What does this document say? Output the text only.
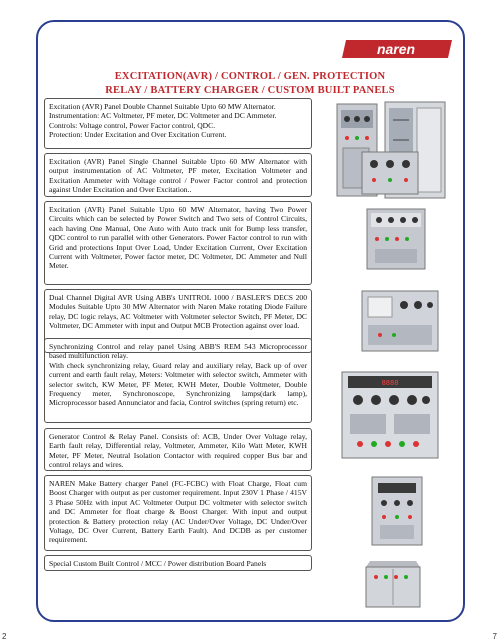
naren
EXCITATION(AVR) / CONTROL / GEN. PROTECTION
RELAY / BATTERY CHARGER / CUSTOM BUILT PANELS

Excitation (AVR) Panel Double Channel Suitable Upto 60 MW Alternator.

Instrumentation: AC Voltmeter, PF meter, DC Voltmeter and DC Ammeter.

Controls: Voltage control, Power Factor control, QDC.

Protection: Under Excitation and Over Excitation Current.

Excitation (AVR) Panel Single Channel Suitable Upto 60 MW Alternator with output instrumentation of AC Voltmeter, PF meter, Excitation Voltmeter and Excitation Ammeter with Voltage control / Power Factor control and protection against Under Excitation and Over Excitation..

Excitation (AVR) Panel Suitable Upto 60 MW Alternator, having Two Power Circuits which can be selected by Power Switch and Two sets of Control Circuits, each having One Manual, One Auto with Auto track unit for Bump less transfer, QDC control to run parallel with other Generators. Power Factor control to run with Grid and protections Input Over Load, Under Excitation Current, Over Excitation Current with Voltmeter, Power factor meter, DC Voltmeter, DC Ammeter and Null Meter.

Dual Channel Digital AVR Using ABB's UNITROL 1000 / BASLER'S DECS 200 Modules Suitable Upto 30 MW Alternator with Naren Make rotating Diode Failure relay, DC logic relays, AC Voltmeter with Voltmeter selector Switch, PF Meter, DC Voltmeter, DC Ammeter with input and Output MCB Protection against over load.

Synchronizing Control and relay panel Using ABB'S REM 543 Microprocessor based multifunction relay.

With check synchronizing relay, Guard relay and auxiliary relay, Back up of over current and earth fault relay, Meters: Voltmeter with selector switch, Ammeter with selector switch, KW Meter, PF Meter, KWH Meter, Double Voltmeter, Double Frequency meter, Synchronoscope, Synchronizing lamps(dark lamp), Microprocessor based Annunciator and facia, Control switches (spring return) etc.

8888

Generator Control & Relay Panel. Consists of: ACB, Under Over Voltage relay, Earth fault relay, Differential relay, Voltmeter, Ammeter, Kilo Watt Meter, KWH Meter, PF Meter, Neutral Isolation Contactor with required copper Bus bar and control relays and wires.

NAREN Make Battery charger Panel (FC-FCBC) with Float Charge, Float cum Boost Charger with output as per customer requirement. Input 230V 1 Phase / 415V 3 Phase 50Hz with input AC Voltmeter Output DC voltmeter with selector switch and DC Ammeter for float charge & Boost Charger. With input and output protection & Battery protection relay (AC Under/Over Voltage, DC Under/Over Voltage, DC Over Current, Battery Earth Fault). And DCDB as per customer requirement.

Special Custom Built Control / MCC / Power distribution Board Panels

2	7
